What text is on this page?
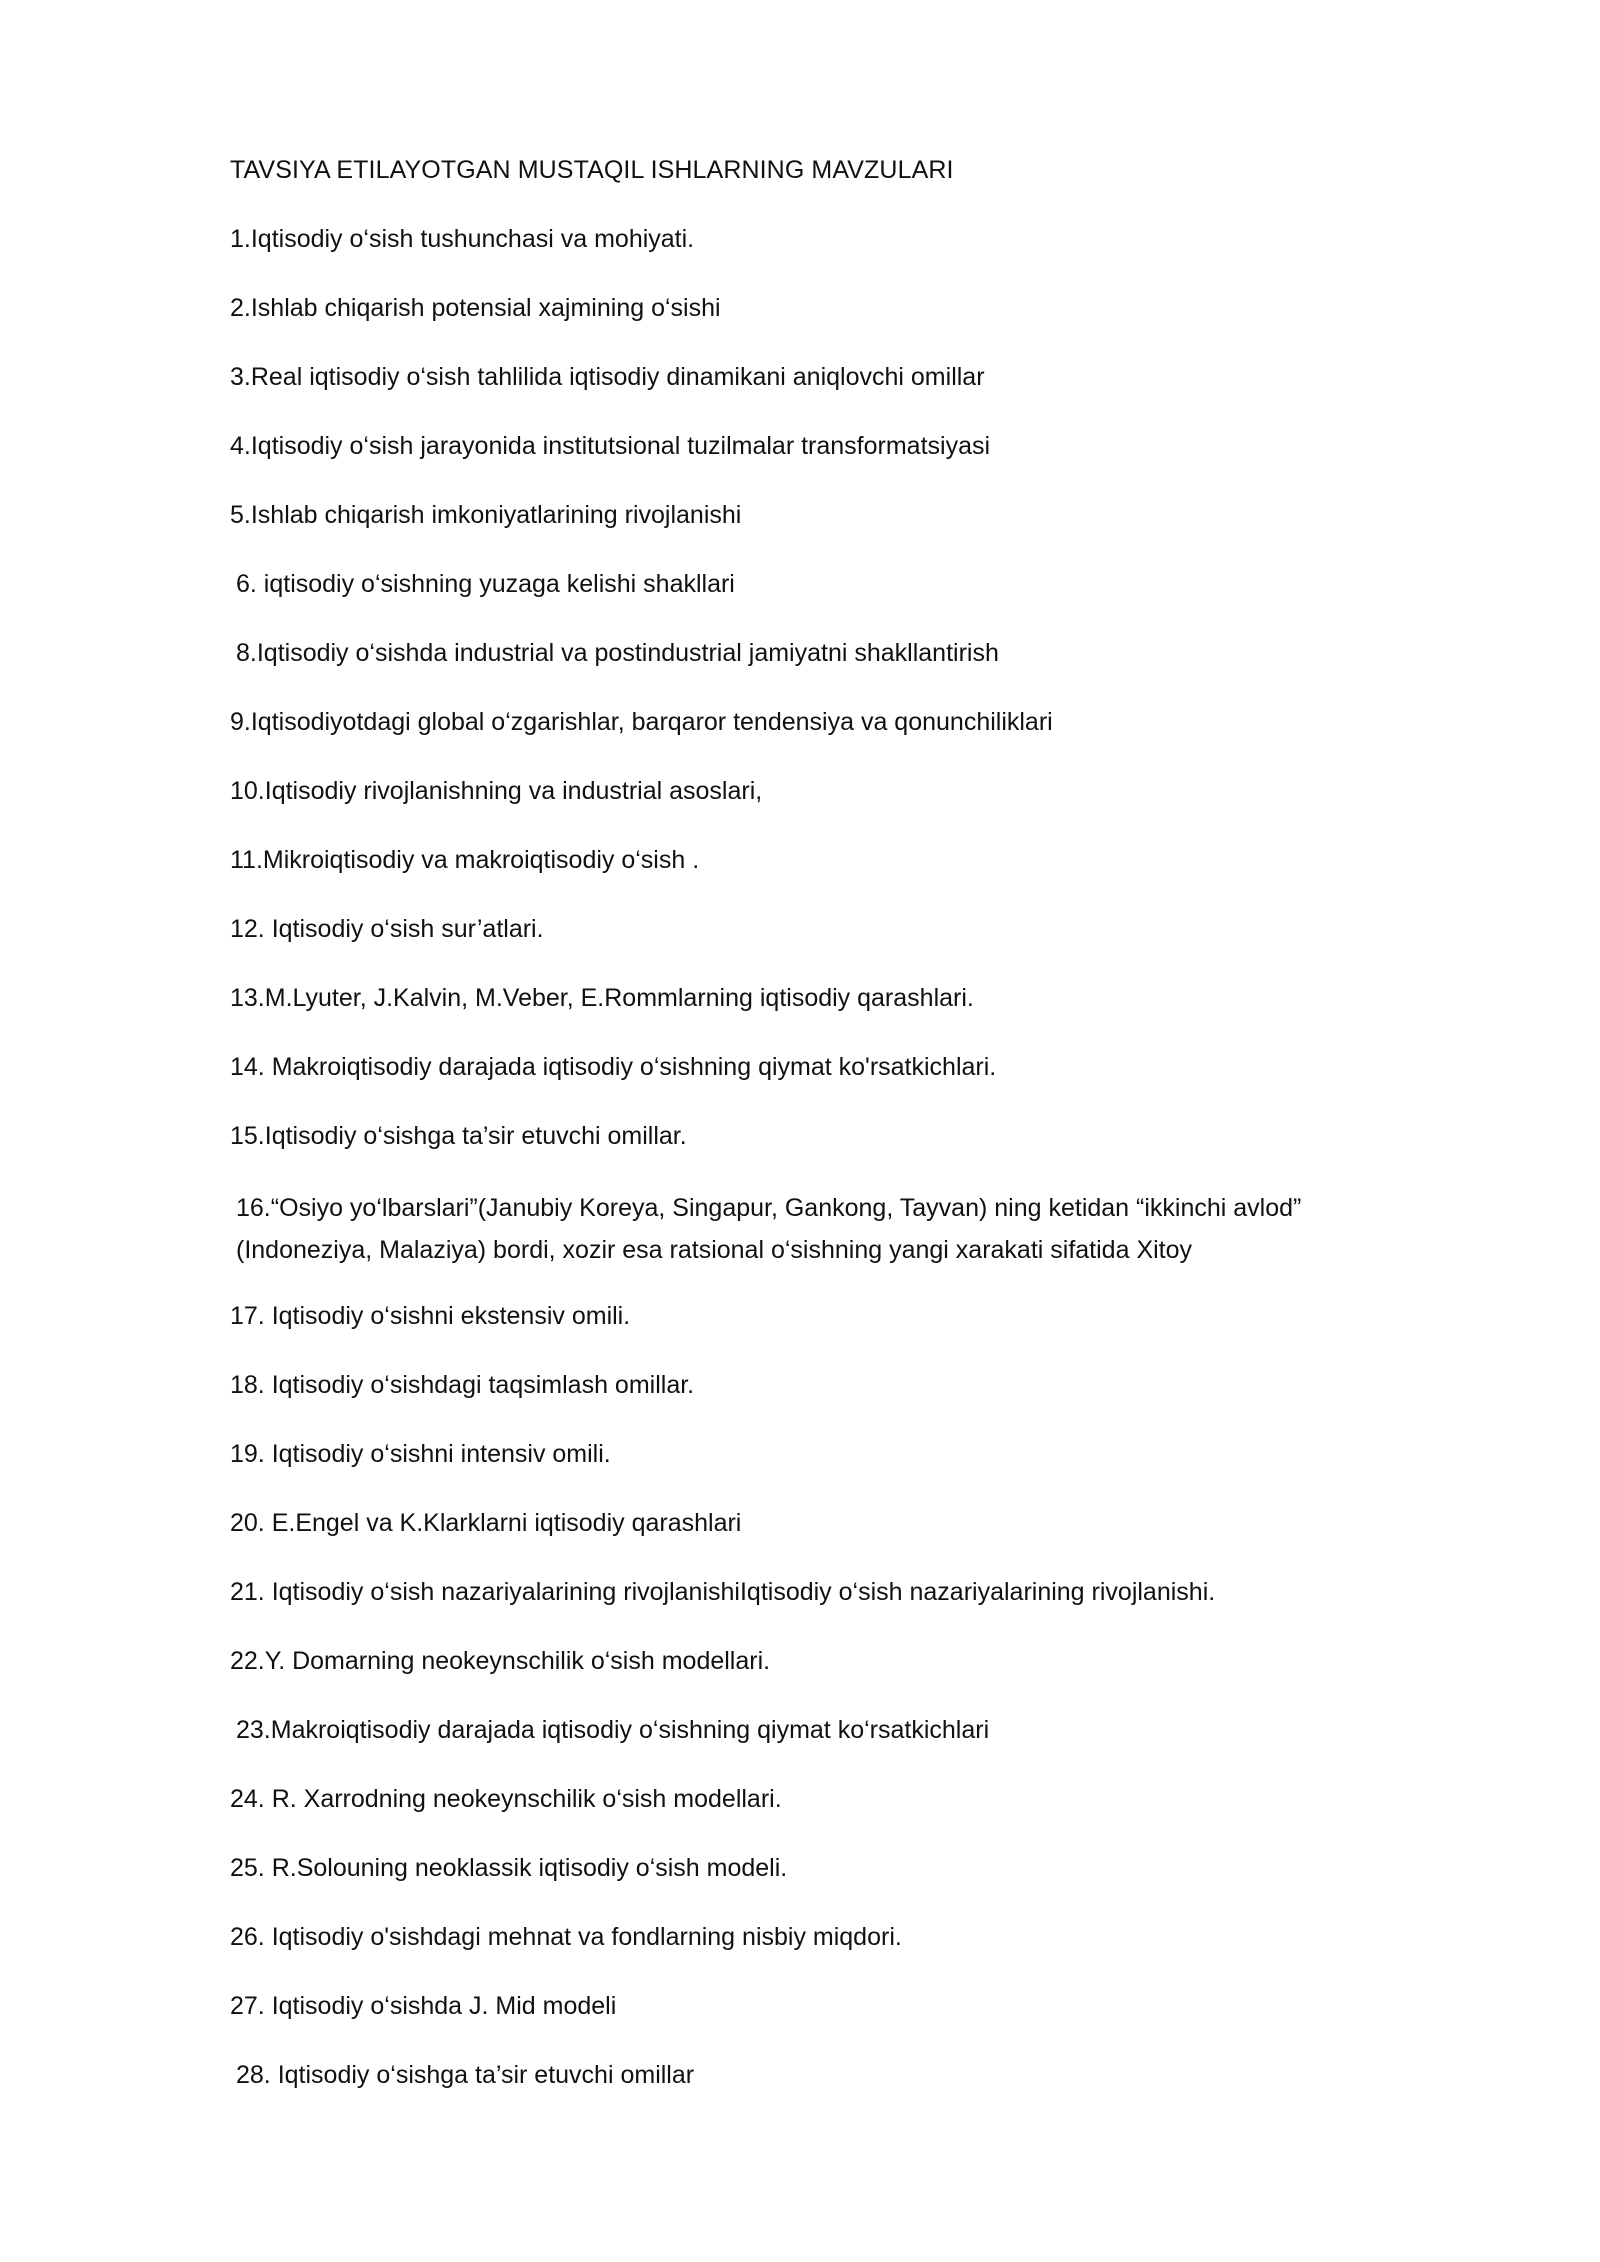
TAVSIYA ETILAYOTGAN MUSTAQIL ISHLARNING MAVZULARI
1.Iqtisodiy o‘sish tushunchasi va mohiyati.
2.Ishlab chiqarish potensial xajmining o‘sishi
3.Real iqtisodiy o‘sish tahlilida iqtisodiy dinamikani aniqlovchi omillar
4.Iqtisodiy o‘sish jarayonida institutsional tuzilmalar transformatsiyasi
5.Ishlab chiqarish imkoniyatlarining rivojlanishi
6. iqtisodiy o‘sishning yuzaga kelishi shakllari
8.Iqtisodiy o‘sishda industrial va postindustrial jamiyatni shakllantirish
9.Iqtisodiyotdagi global o‘zgarishlar, barqaror tendensiya va qonunchiliklari
10.Iqtisodiy rivojlanishning va industrial asoslari,
11.Mikroiqtisodiy va makroiqtisodiy o‘sish .
12. Iqtisodiy o‘sish sur’atlari.
13.M.Lyuter, J.Kalvin, M.Veber, E.Rommlarning iqtisodiy qarashlari.
14. Makroiqtisodiy darajada iqtisodiy o‘sishning qiymat ko'rsatkichlari.
15.Iqtisodiy o‘sishga ta’sir etuvchi omillar.
16.“Osiyo yo‘lbarslari”(Janubiy Koreya, Singapur, Gankong, Tayvan) ning ketidan “ikkinchi avlod” (Indoneziya, Malaziya) bordi, xozir esa ratsional o‘sishning yangi xarakati sifatida Xitoy
17. Iqtisodiy o‘sishni ekstensiv omili.
18. Iqtisodiy o‘sishdagi taqsimlash omillar.
19. Iqtisodiy o‘sishni intensiv omili.
20. E.Engel va K.Klarklarni iqtisodiy qarashlari
21. Iqtisodiy o‘sish nazariyalarining rivojlanishiIqtisodiy o‘sish nazariyalarining rivojlanishi.
22.Y. Domarning neokeynschilik o‘sish modellari.
23.Makroiqtisodiy darajada iqtisodiy o‘sishning qiymat ko‘rsatkichlari
24. R. Xarrodning neokeynschilik o‘sish modellari.
25. R.Solouning neoklassik iqtisodiy o‘sish modeli.
26. Iqtisodiy o'sishdagi mehnat va fondlarning nisbiy miqdori.
27. Iqtisodiy o‘sishda J. Mid modeli
28. Iqtisodiy o‘sishga ta’sir etuvchi omillar
